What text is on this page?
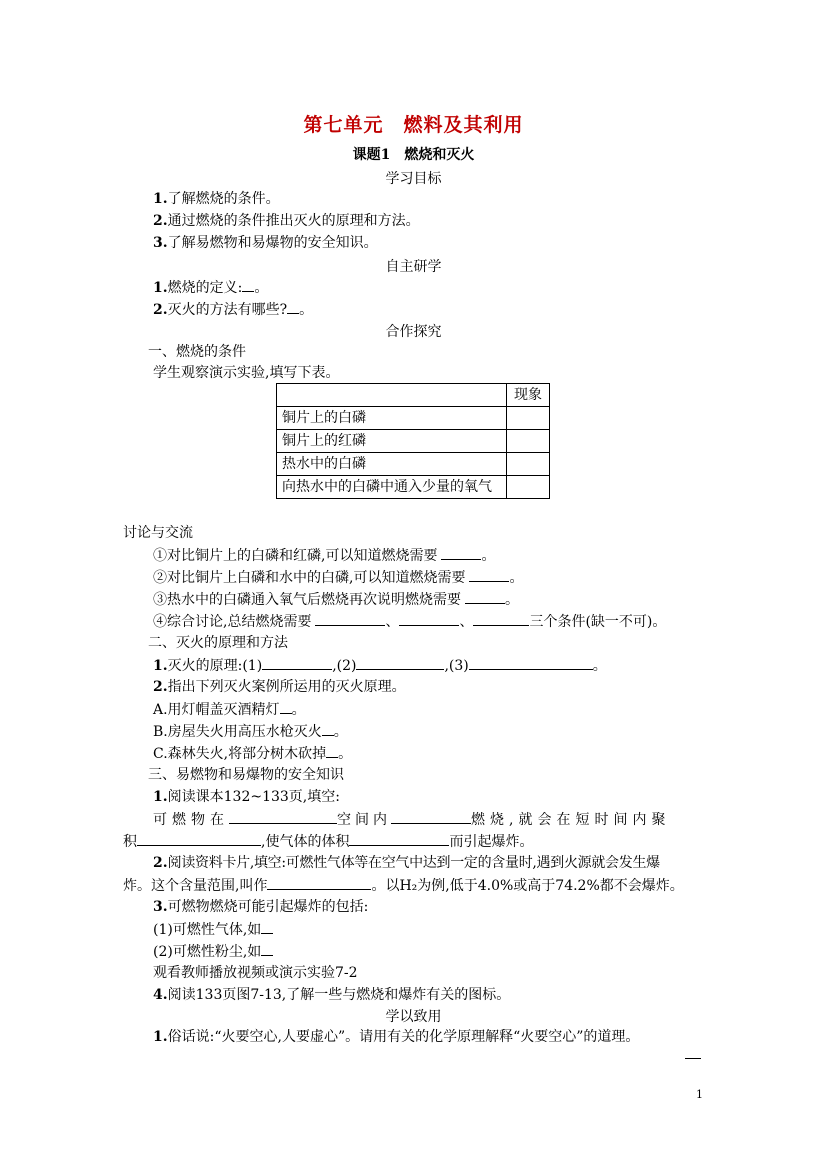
第七单元　燃料及其利用
课题1　燃烧和灭火
学习目标
1.了解燃烧的条件。
2.通过燃烧的条件推出灭火的原理和方法。
3.了解易燃物和易爆物的安全知识。
自主研学
1.燃烧的定义: 。
2.灭火的方法有哪些? 。
合作探究
一、燃烧的条件
学生观察演示实验,填写下表。
	现象
铜片上的白磷	
铜片上的红磷	
热水中的白磷	
向热水中的白磷中通入少量的氧气	
讨论与交流
①对比铜片上的白磷和红磷,可以知道燃烧需要	。
②对比铜片上白磷和水中的白磷,可以知道燃烧需要	。
③热水中的白磷通入氧气后燃烧再次说明燃烧需要	。
④综合讨论,总结燃烧需要	、	、	三个条件(缺一不可)。
二、灭火的原理和方法
1.灭火的原理:(1)	,(2)	,(3)	。
2.指出下列灭火案例所运用的灭火原理。
A.用灯帽盖灭酒精灯 。
B.房屋失火用高压水枪灭火 。
C.森林失火,将部分树木砍掉 。
三、易燃物和易爆物的安全知识
1.阅读课本132~133页,填空:
可燃物在	空间内	燃烧,就会在短时间内聚
积	,使气体的体积	而引起爆炸。
2.阅读资料卡片,填空:可燃性气体等在空气中达到一定的含量时,遇到火源就会发生爆
炸。这个含量范围,叫作	。以H₂为例,低于4.0%或高于74.2%都不会爆炸。
3.可燃物燃烧可能引起爆炸的包括:
(1)可燃性气体,如
(2)可燃性粉尘,如
观看教师播放视频或演示实验7-2
4.阅读133页图7-13,了解一些与燃烧和爆炸有关的图标。
学以致用
1.俗话说:“火要空心,人要虚心”。请用有关的化学原理解释“火要空心”的道理。
1
